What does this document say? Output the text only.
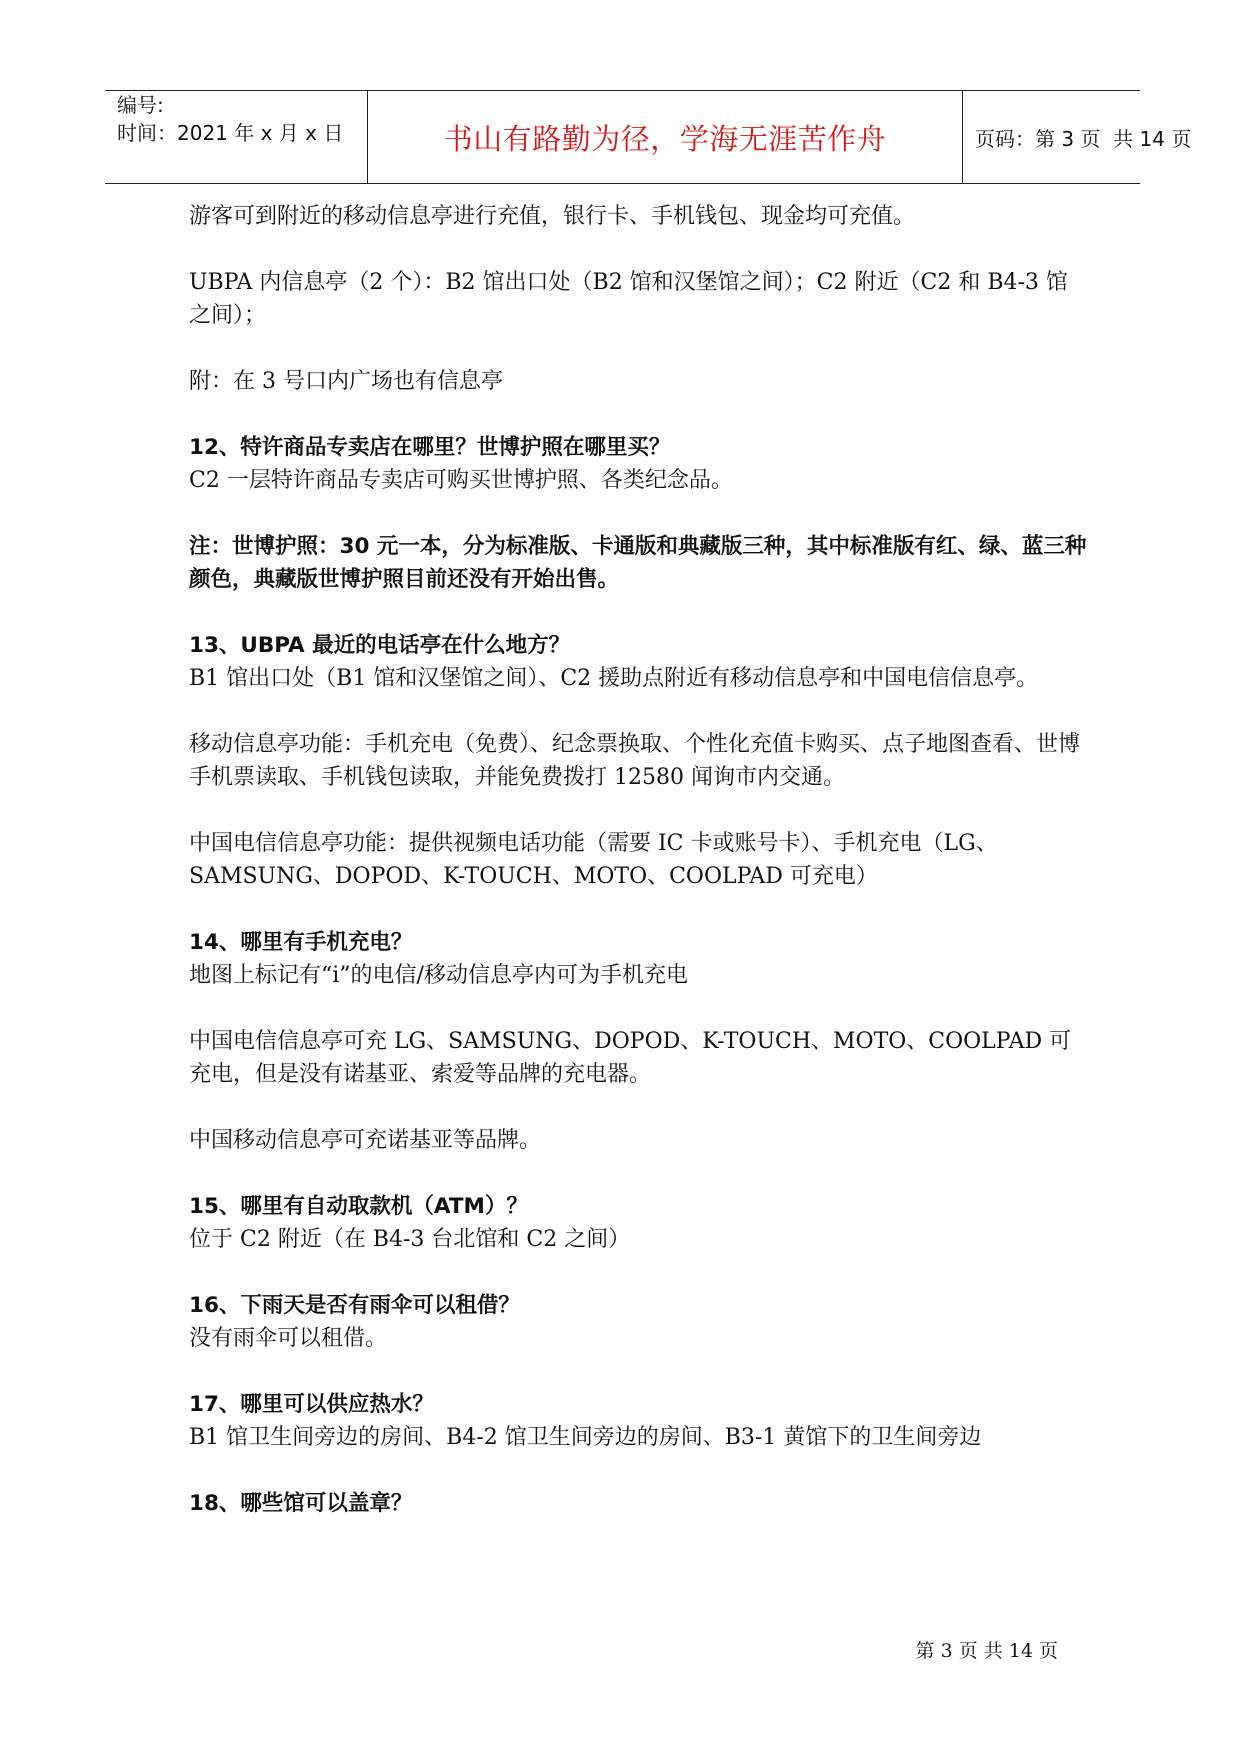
编号:
时间：2021 年 x 月 x 日	书山有路勤为径，学海无涯苦作舟	页码：第 3 页  共 14 页

游客可到附近的移动信息亭进行充值，银行卡、手机钱包、现金均可充值。

UBPA 内信息亭（2 个）：B2 馆出口处（B2 馆和汉堡馆之间）；C2 附近（C2 和 B4-3 馆之间）；

附：在 3 号口内广场也有信息亭

12、特许商品专卖店在哪里？世博护照在哪里买？

C2 一层特许商品专卖店可购买世博护照、各类纪念品。

注：世博护照：30 元一本，分为标准版、卡通版和典藏版三种，其中标准版有红、绿、蓝三种颜色，典藏版世博护照目前还没有开始出售。

13、UBPA 最近的电话亭在什么地方？

B1 馆出口处（B1 馆和汉堡馆之间）、C2 援助点附近有移动信息亭和中国电信信息亭。

移动信息亭功能：手机充电（免费）、纪念票换取、个性化充值卡购买、点子地图查看、世博手机票读取、手机钱包读取，并能免费拨打 12580 闻询市内交通。

中国电信信息亭功能：提供视频电话功能（需要 IC 卡或账号卡）、手机充电（LG、SAMSUNG、DOPOD、K-TOUCH、MOTO、COOLPAD 可充电）

14、哪里有手机充电？

地图上标记有“i”的电信/移动信息亭内可为手机充电

中国电信信息亭可充 LG、SAMSUNG、DOPOD、K-TOUCH、MOTO、COOLPAD 可充电，但是没有诺基亚、索爱等品牌的充电器。

中国移动信息亭可充诺基亚等品牌。

15、哪里有自动取款机（ATM）？

位于 C2 附近（在 B4-3 台北馆和 C2 之间）

16、下雨天是否有雨伞可以租借？

没有雨伞可以租借。

17、哪里可以供应热水？

B1 馆卫生间旁边的房间、B4-2 馆卫生间旁边的房间、B3-1 黄馆下的卫生间旁边

18、哪些馆可以盖章？

第 3 页 共 14 页
